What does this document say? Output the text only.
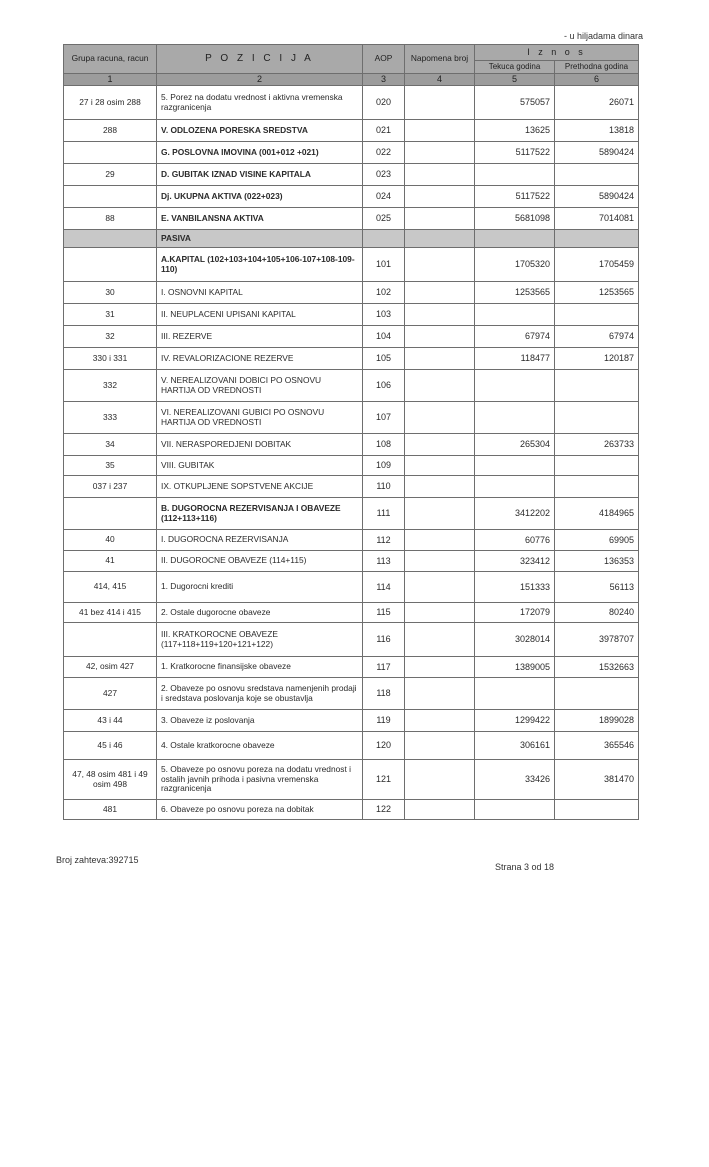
- u hiljadama dinara
Grupa racuna, racun	P O Z I C I J A	AOP	Napomena broj	I z n o s	
				Tekuca godina	Prethodna godina
1	2	3	4	5	6
27 i 28 osim 288	5. Porez na dodatu vrednost i aktivna vremenska razgranicenja	020		575057	26071
288	V. ODLOZENA PORESKA SREDSTVA	021		13625	13818
	G. POSLOVNA IMOVINA (001+012 +021)	022		5117522	5890424
29	D. GUBITAK IZNAD VISINE KAPITALA	023			
	Dj. UKUPNA AKTIVA (022+023)	024		5117522	5890424
88	E. VANBILANSNA AKTIVA	025		5681098	7014081
	PASIVA				
	A.KAPITAL (102+103+104+105+106-107+108-109-110)	101		1705320	1705459
30	I. OSNOVNI KAPITAL	102		1253565	1253565
31	II. NEUPLACENI UPISANI KAPITAL	103			
32	III. REZERVE	104		67974	67974
330 i 331	IV. REVALORIZACIONE REZERVE	105		118477	120187
332	V. NEREALIZOVANI DOBICI PO OSNOVU HARTIJA OD VREDNOSTI	106			
333	VI. NEREALIZOVANI GUBICI PO OSNOVU HARTIJA OD VREDNOSTI	107			
34	VII. NERASPOREDJENI DOBITAK	108		265304	263733
35	VIII. GUBITAK	109			
037 i 237	IX. OTKUPLJENE SOPSTVENE AKCIJE	110			
	B. DUGOROCNA REZERVISANJA I OBAVEZE (112+113+116)	111		3412202	4184965
40	I. DUGOROCNA REZERVISANJA	112		60776	69905
41	II. DUGOROCNE OBAVEZE (114+115)	113		323412	136353
414, 415	1. Dugorocni krediti	114		151333	56113
41 bez 414 i 415	2. Ostale dugorocne obaveze	115		172079	80240
	III. KRATKOROCNE OBAVEZE (117+118+119+120+121+122)	116		3028014	3978707
42, osim 427	1. Kratkorocne finansijske obaveze	117		1389005	1532663
427	2. Obaveze po osnovu sredstava namenjenih prodaji i sredstava poslovanja koje se obustavlja	118			
43 i 44	3. Obaveze iz poslovanja	119		1299422	1899028
45 i 46	4. Ostale kratkorocne obaveze	120		306161	365546
47, 48 osim 481 i 49 osim 498	5. Obaveze po osnovu poreza na dodatu vrednost i ostalih javnih prihoda i pasivna vremenska razgranicenja	121		33426	381470
481	6. Obaveze po osnovu poreza na dobitak	122			
Broj zahteva:392715
Strana 3 od 18
